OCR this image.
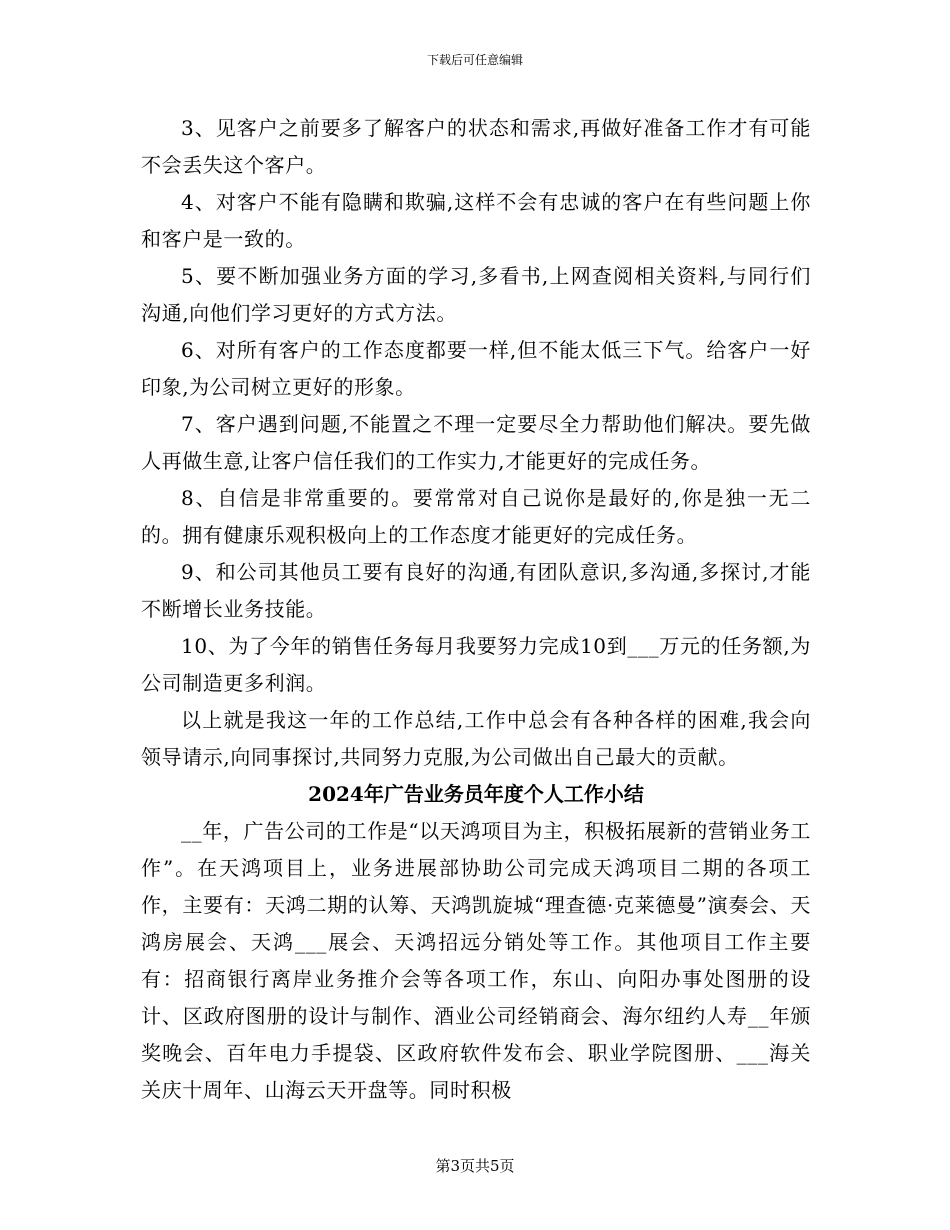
下载后可任意编辑

3、见客户之前要多了解客户的状态和需求,再做好准备工作才有可能不会丢失这个客户。

4、对客户不能有隐瞒和欺骗,这样不会有忠诚的客户在有些问题上你和客户是一致的。

5、要不断加强业务方面的学习,多看书,上网查阅相关资料,与同行们沟通,向他们学习更好的方式方法。

6、对所有客户的工作态度都要一样,但不能太低三下气。给客户一好印象,为公司树立更好的形象。

7、客户遇到问题,不能置之不理一定要尽全力帮助他们解决。要先做人再做生意,让客户信任我们的工作实力,才能更好的完成任务。

8、自信是非常重要的。要常常对自己说你是最好的,你是独一无二的。拥有健康乐观积极向上的工作态度才能更好的完成任务。

9、和公司其他员工要有良好的沟通,有团队意识,多沟通,多探讨,才能不断增长业务技能。

10、为了今年的销售任务每月我要努力完成10到___万元的任务额,为公司制造更多利润。

以上就是我这一年的工作总结,工作中总会有各种各样的困难,我会向领导请示,向同事探讨,共同努力克服,为公司做出自己最大的贡献。

2024年广告业务员年度个人工作小结

__年，广告公司的工作是“以天鸿项目为主，积极拓展新的营销业务工作”。在天鸿项目上，业务进展部协助公司完成天鸿项目二期的各项工作，主要有：天鸿二期的认筹、天鸿凯旋城“理查德·克莱德曼”演奏会、天鸿房展会、天鸿___展会、天鸿招远分销处等工作。其他项目工作主要有：招商银行离岸业务推介会等各项工作，东山、向阳办事处图册的设计、区政府图册的设计与制作、酒业公司经销商会、海尔纽约人寿__年颁奖晚会、百年电力手提袋、区政府软件发布会、职业学院图册、___海关关庆十周年、山海云天开盘等。同时积极

第3页共5页
